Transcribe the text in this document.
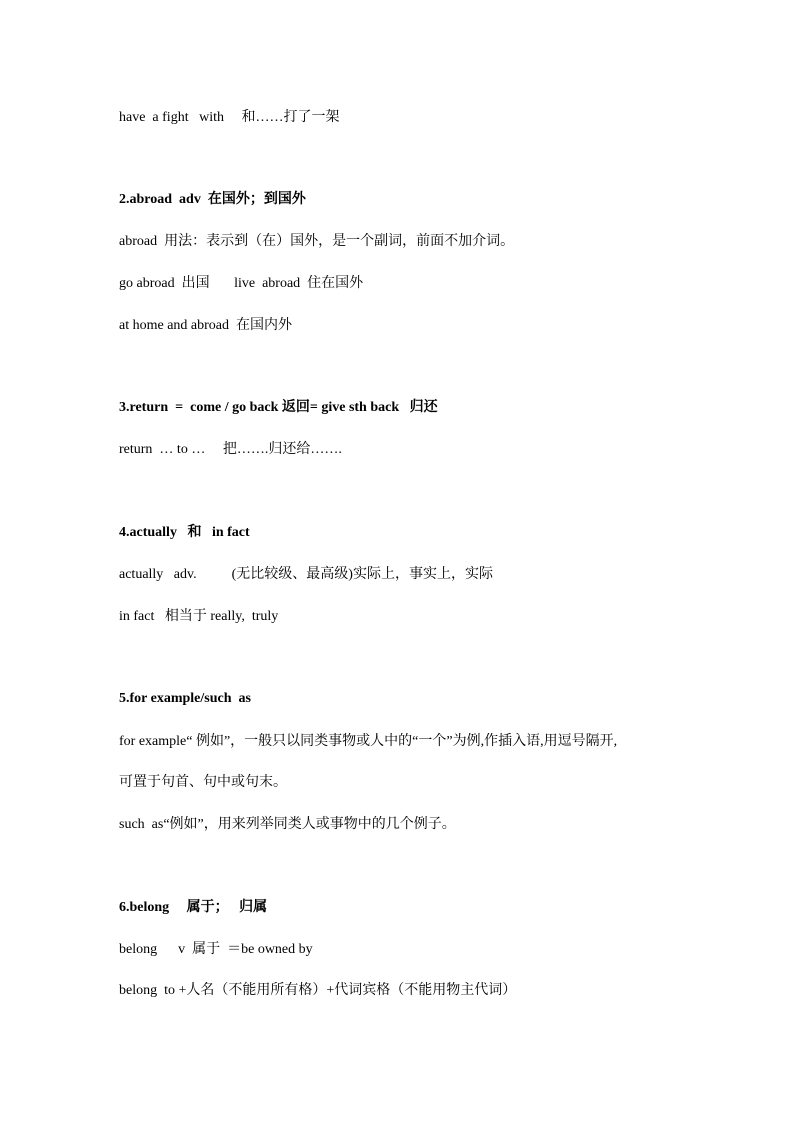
have  a fight   with     和……打了一架
2.abroad  adv  在国外；到国外
abroad  用法：表示到（在）国外，是一个副词，前面不加介词。
go abroad  出国       live  abroad  住在国外
at home and abroad  在国内外
3.return  =  come / go back 返回= give sth back   归还
return  … to …     把…….归还给…….
4.actually   和   in fact
actually   adv.          (无比较级、最高级)实际上，事实上，实际
in fact   相当于 really,  truly
5.for example/such  as
for example“ 例如”，一般只以同类事物或人中的“一个”为例,作插入语,用逗号隔开,
可置于句首、句中或句末。
such  as“例如”，用来列举同类人或事物中的几个例子。
6.belong     属于；   归属
belong      v  属于  ＝be owned by
belong  to +人名（不能用所有格）+代词宾格（不能用物主代词）
